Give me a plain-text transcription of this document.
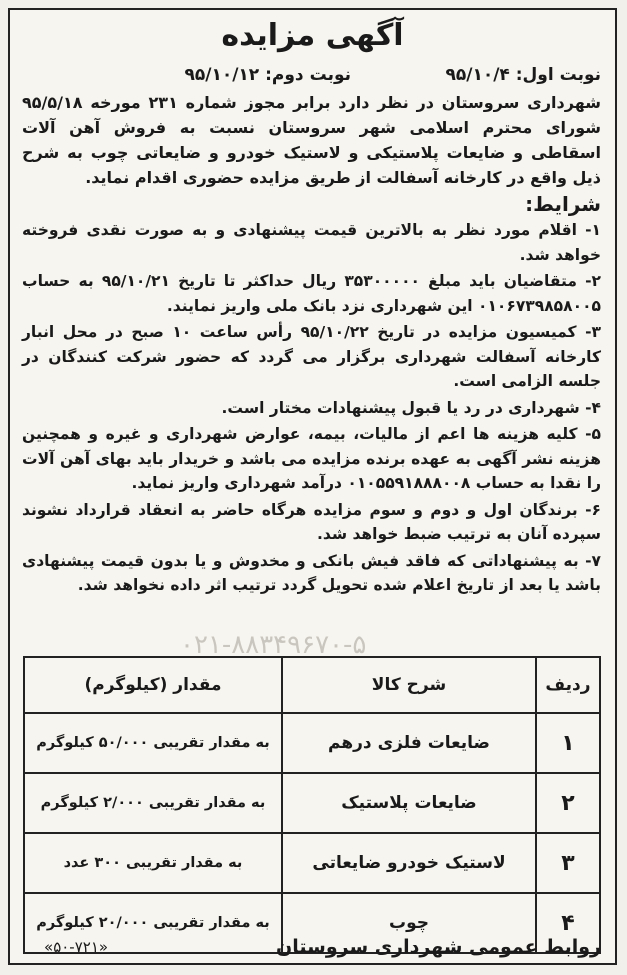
آگهی مزایده
نوبت اول: ۹۵/۱۰/۴
نوبت دوم: ۹۵/۱۰/۱۲
شهرداری سروستان در نظر دارد برابر مجوز شماره ۲۳۱ مورخه ۹۵/۵/۱۸ شورای محترم اسلامی شهر سروستان نسبت به فروش آهن آلات اسقاطی و ضایعات پلاستیکی و لاستیک خودرو و ضایعاتی چوب به شرح ذیل واقع در کارخانه آسفالت از طریق مزایده حضوری اقدام نماید.
شرایط:
۱- اقلام مورد نظر به بالاترین قیمت پیشنهادی و به صورت نقدی فروخته خواهد شد.
۲- متقاضیان باید مبلغ ۳۵۳۰۰۰۰۰ ریال حداکثر تا تاریخ ۹۵/۱۰/۲۱ به حساب ۰۱۰۶۷۳۹۸۵۸۰۰۵ این شهرداری نزد بانک ملی واریز نمایند.
۳- کمیسیون مزایده در تاریخ ۹۵/۱۰/۲۲ رأس ساعت ۱۰ صبح در محل انبار کارخانه آسفالت شهرداری برگزار می گردد که حضور شرکت کنندگان در جلسه الزامی است.
۴- شهرداری در رد یا قبول پیشنهادات مختار است.
۵- کلیه هزینه ها اعم از مالیات، بیمه، عوارض شهرداری و غیره و همچنین هزینه نشر آگهی به عهده برنده مزایده می باشد و خریدار باید بهای آهن آلات را نقدا به حساب ۰۱۰۵۵۹۱۸۸۸۰۰۸ درآمد شهرداری واریز نماید.
۶- برندگان اول و دوم و سوم مزایده هرگاه حاضر به انعقاد قرارداد نشوند سپرده آنان به ترتیب ضبط خواهد شد.
۷- به پیشنهاداتی که فاقد فیش بانکی و مخدوش و یا بدون قیمت پیشنهادی باشد یا بعد از تاریخ اعلام شده تحویل گردد ترتیب اثر داده نخواهد شد.
۰۲۱-۸۸۳۴۹۶۷۰-۵
ردیف	شرح کالا	مقدار (کیلوگرم)
۱	ضایعات فلزی درهم	به مقدار تقریبی ۵۰/۰۰۰ کیلوگرم
۲	ضایعات پلاستیک	به مقدار تقریبی ۲/۰۰۰ کیلوگرم
۳	لاستیک خودرو ضایعاتی	به مقدار تقریبی ۳۰۰ عدد
۴	چوب	به مقدار تقریبی ۲۰/۰۰۰ کیلوگرم
روابط عمومی شهرداری سروستان
«۵۰-۷۲۱»
